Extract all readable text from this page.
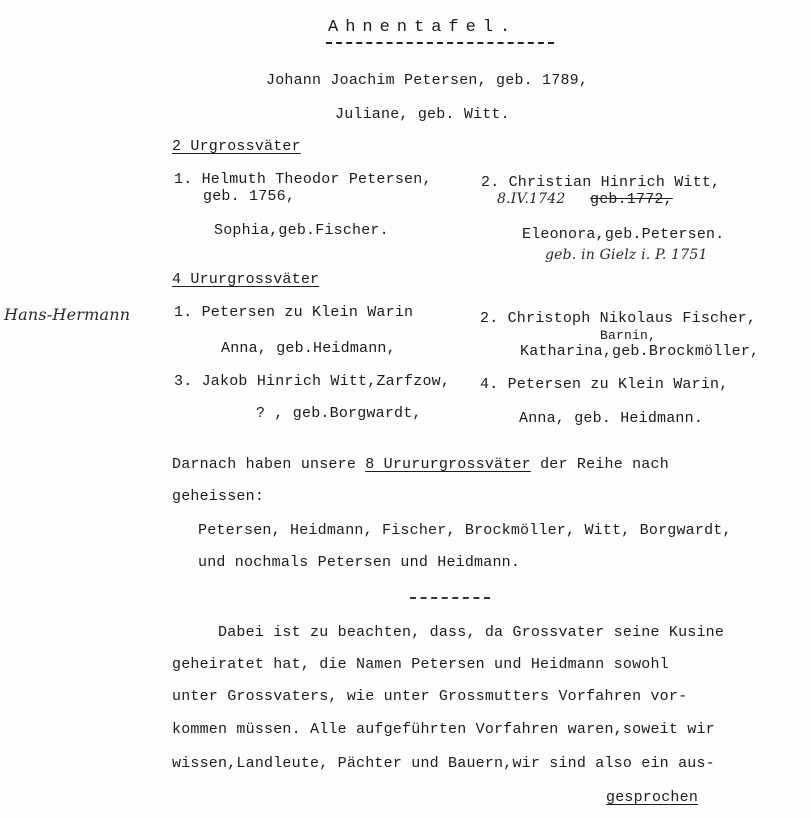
Ahnentafel.
Johann Joachim Petersen, geb. 1789,
Juliane, geb. Witt.
2 Urgrossväter
1. Helmuth Theodor Petersen,
geb. 1756,
Sophia,geb.Fischer.
2. Christian Hinrich Witt,
8.IV.1742 geb.1772,
Eleonora,geb.Petersen.
geb. in Gielz i. P. 1751
4 Ururgrossväter
Hans-Hermann	1. Petersen zu Klein Warin
Anna, geb.Heidmann,
2. Christoph Nikolaus Fischer,
Barnin,
Katharina,geb.Brockmöller,
3. Jakob Hinrich Witt,Zarfzow,
? , geb.Borgwardt,
4. Petersen zu Klein Warin,
Anna, geb. Heidmann.
Darnach haben unsere 8 Urururgrossväter der Reihe nach
geheissen:
Petersen, Heidmann, Fischer, Brockmöller, Witt, Borgwardt,
und nochmals Petersen und Heidmann.
Dabei ist zu beachten, dass, da Grossvater seine Kusine
geheiratet hat, die Namen Petersen und Heidmann sowohl
unter Grossvaters, wie unter Grossmutters Vorfahren vor-
kommen müssen. Alle aufgeführten Vorfahren waren,soweit wir
wissen,Landleute, Pächter und Bauern,wir sind also ein aus-
gesprochen
